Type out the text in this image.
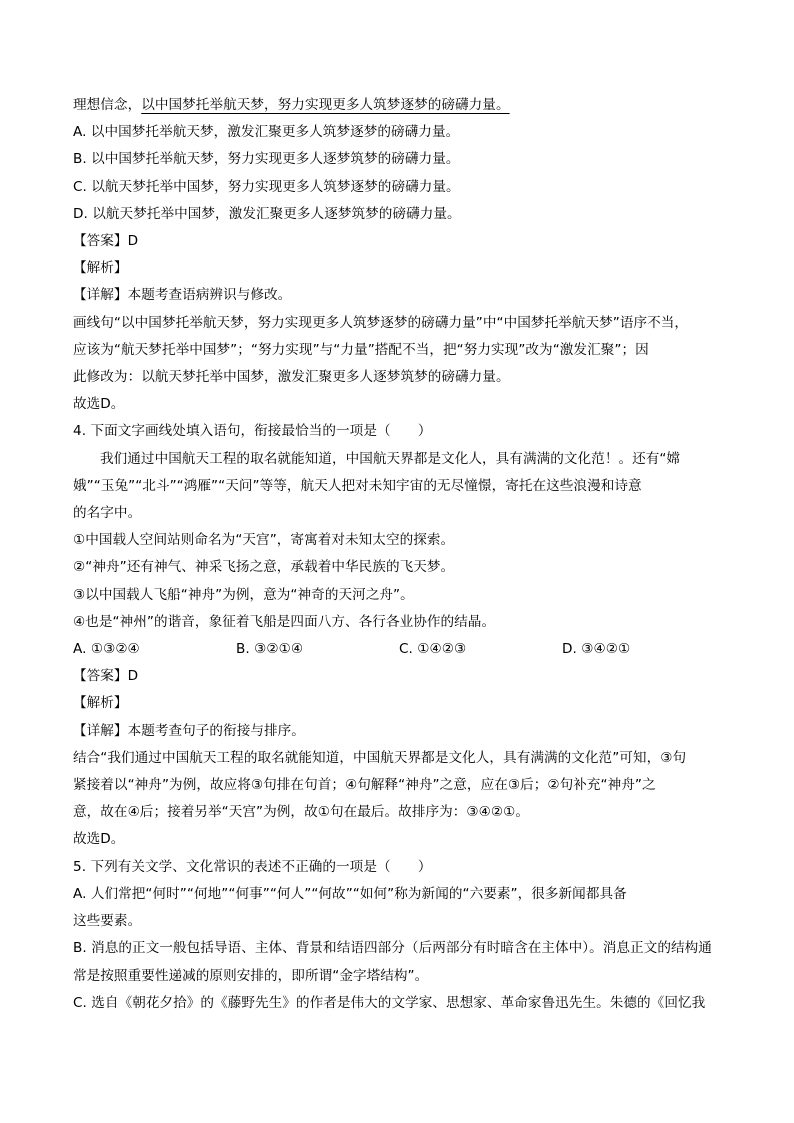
理想信念，以中国梦托举航天梦，努力实现更多人筑梦逐梦的磅礴力量。
A. 以中国梦托举航天梦，激发汇聚更多人筑梦逐梦的磅礴力量。
B. 以中国梦托举航天梦，努力实现更多人逐梦筑梦的磅礴力量。
C. 以航天梦托举中国梦，努力实现更多人筑梦逐梦的磅礴力量。
D. 以航天梦托举中国梦，激发汇聚更多人逐梦筑梦的磅礴力量。
【答案】D
【解析】
【详解】本题考查语病辨识与修改。
画线句“以中国梦托举航天梦，努力实现更多人筑梦逐梦的磅礴力量”中“中国梦托举航天梦”语序不当，
应该为“航天梦托举中国梦”；“努力实现”与“力量”搭配不当，把“努力实现”改为“激发汇聚”；因
此修改为：以航天梦托举中国梦，激发汇聚更多人逐梦筑梦的磅礴力量。
故选D。
4. 下面文字画线处填入语句，衔接最恰当的一项是（　　）
我们通过中国航天工程的取名就能知道，中国航天界都是文化人，具有满满的文化范！。还有“嫦
娥”“玉兔”“北斗”“鸿雁”“天问”等等，航天人把对未知宇宙的无尽憧憬，寄托在这些浪漫和诗意
的名字中。
①中国载人空间站则命名为“天宫”，寄寓着对未知太空的探索。
②“神舟”还有神气、神采飞扬之意，承载着中华民族的飞天梦。
③以中国载人飞船“神舟”为例，意为“神奇的天河之舟”。
④也是“神州”的谐音，象征着飞船是四面八方、各行各业协作的结晶。
A. ①③②④	B. ③②①④	C. ①④②③	D. ③④②①
【答案】D
【解析】
【详解】本题考查句子的衔接与排序。
结合“我们通过中国航天工程的取名就能知道，中国航天界都是文化人，具有满满的文化范”可知，③句
紧接着以“神舟”为例，故应将③句排在句首；④句解释“神舟”之意，应在③后；②句补充“神舟”之
意，故在④后；接着另举“天宫”为例，故①句在最后。故排序为：③④②①。
故选D。
5. 下列有关文学、文化常识的表述不正确的一项是（　　）
A. 人们常把“何时”“何地”“何事”“何人”“何故”“如何”称为新闻的“六要素”，很多新闻都具备
这些要素。
B. 消息的正文一般包括导语、主体、背景和结语四部分（后两部分有时暗含在主体中）。消息正文的结构通
常是按照重要性递减的原则安排的，即所谓“金字塔结构”。
C. 选自《朝花夕拾》的《藤野先生》的作者是伟大的文学家、思想家、革命家鲁迅先生。朱德的《回忆我
